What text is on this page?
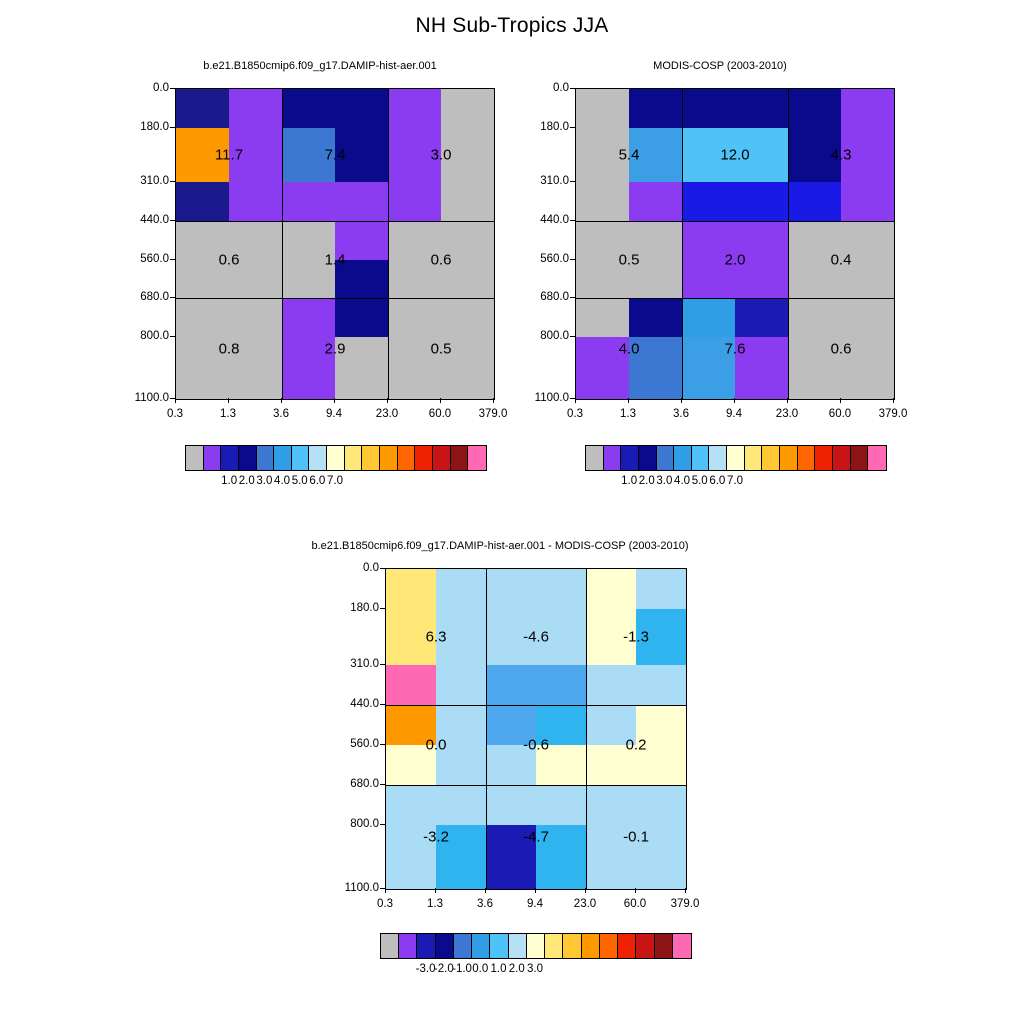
NH Sub-Tropics JJA
b.e21.B1850cmip6.f09_g17.DAMIP-hist-aer.001
11.7	7.4	3.0
0.6	1.4	0.6
0.8	2.9	0.5
0.0
180.0
310.0
440.0
560.0
680.0
800.0
1100.0
0.3	1.3	3.6	9.4	23.0	60.0 379.0
1.0 2.0 3.0 4.0 5.0 6.0 7.0
MODIS-COSP (2003-2010)
5.4	12.0	4.3
0.5	2.0	0.4
4.0	7.6	0.6
0.0
180.0
310.0
440.0
560.0
680.0
800.0
1100.0
0.3	1.3	3.6	9.4	23.0	60.0 379.0
1.0 2.0 3.0 4.0 5.0 6.0 7.0
b.e21.B1850cmip6.f09_g17.DAMIP-hist-aer.001 - MODIS-COSP (2003-2010)
6.3	-4.6	-1.3
0.0	-0.6	0.2
-3.2	-4.7	-0.1
0.0
180.0
310.0
440.0
560.0
680.0
800.0
1100.0
0.3	1.3	3.6	9.4	23.0 60.0 379.0
-3.0
-2.0
-1.0 0.0 1.0 2.0 3.0
